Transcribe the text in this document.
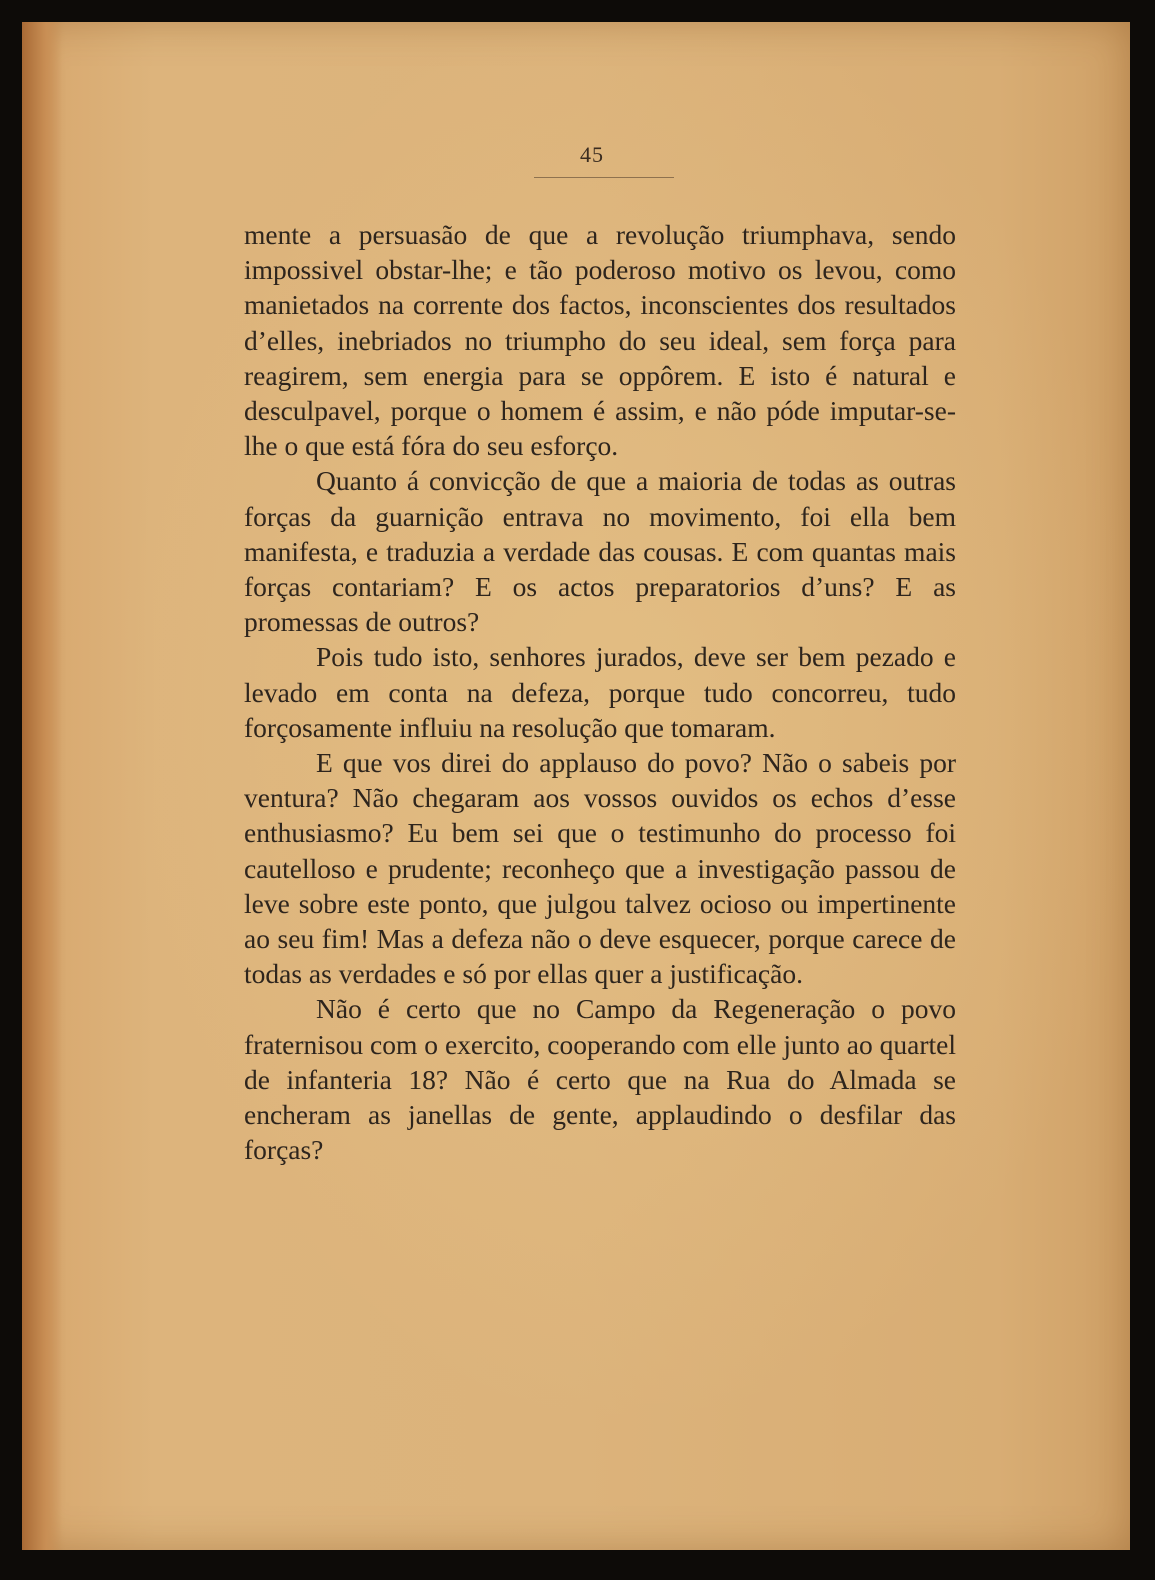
45

mente a persuasão de que a revolução triumphava, sendo impossivel obstar-lhe; e tão poderoso motivo os levou, como manietados na corrente dos factos, inconscientes dos resultados d’elles, inebriados no triumpho do seu ideal, sem força para reagirem, sem energia para se oppôrem. E isto é natural e desculpavel, porque o homem é assim, e não póde imputar-se-lhe o que está fóra do seu esforço.

Quanto á convicção de que a maioria de todas as outras forças da guarnição entrava no movimento, foi ella bem manifesta, e traduzia a verdade das cousas. E com quantas mais forças contariam? E os actos preparatorios d’uns? E as promessas de outros?

Pois tudo isto, senhores jurados, deve ser bem pezado e levado em conta na defeza, porque tudo concorreu, tudo forçosamente influiu na resolução que tomaram.

E que vos direi do applauso do povo? Não o sabeis por ventura? Não chegaram aos vossos ouvidos os echos d’esse enthusiasmo? Eu bem sei que o testimunho do processo foi cautelloso e prudente; reconheço que a investigação passou de leve sobre este ponto, que julgou talvez ocioso ou impertinente ao seu fim! Mas a defeza não o deve esquecer, porque carece de todas as verdades e só por ellas quer a justificação.

Não é certo que no Campo da Regeneração o povo fraternisou com o exercito, cooperando com elle junto ao quartel de infanteria 18? Não é certo que na Rua do Almada se encheram as janellas de gente, applaudindo o desfilar das forças?
